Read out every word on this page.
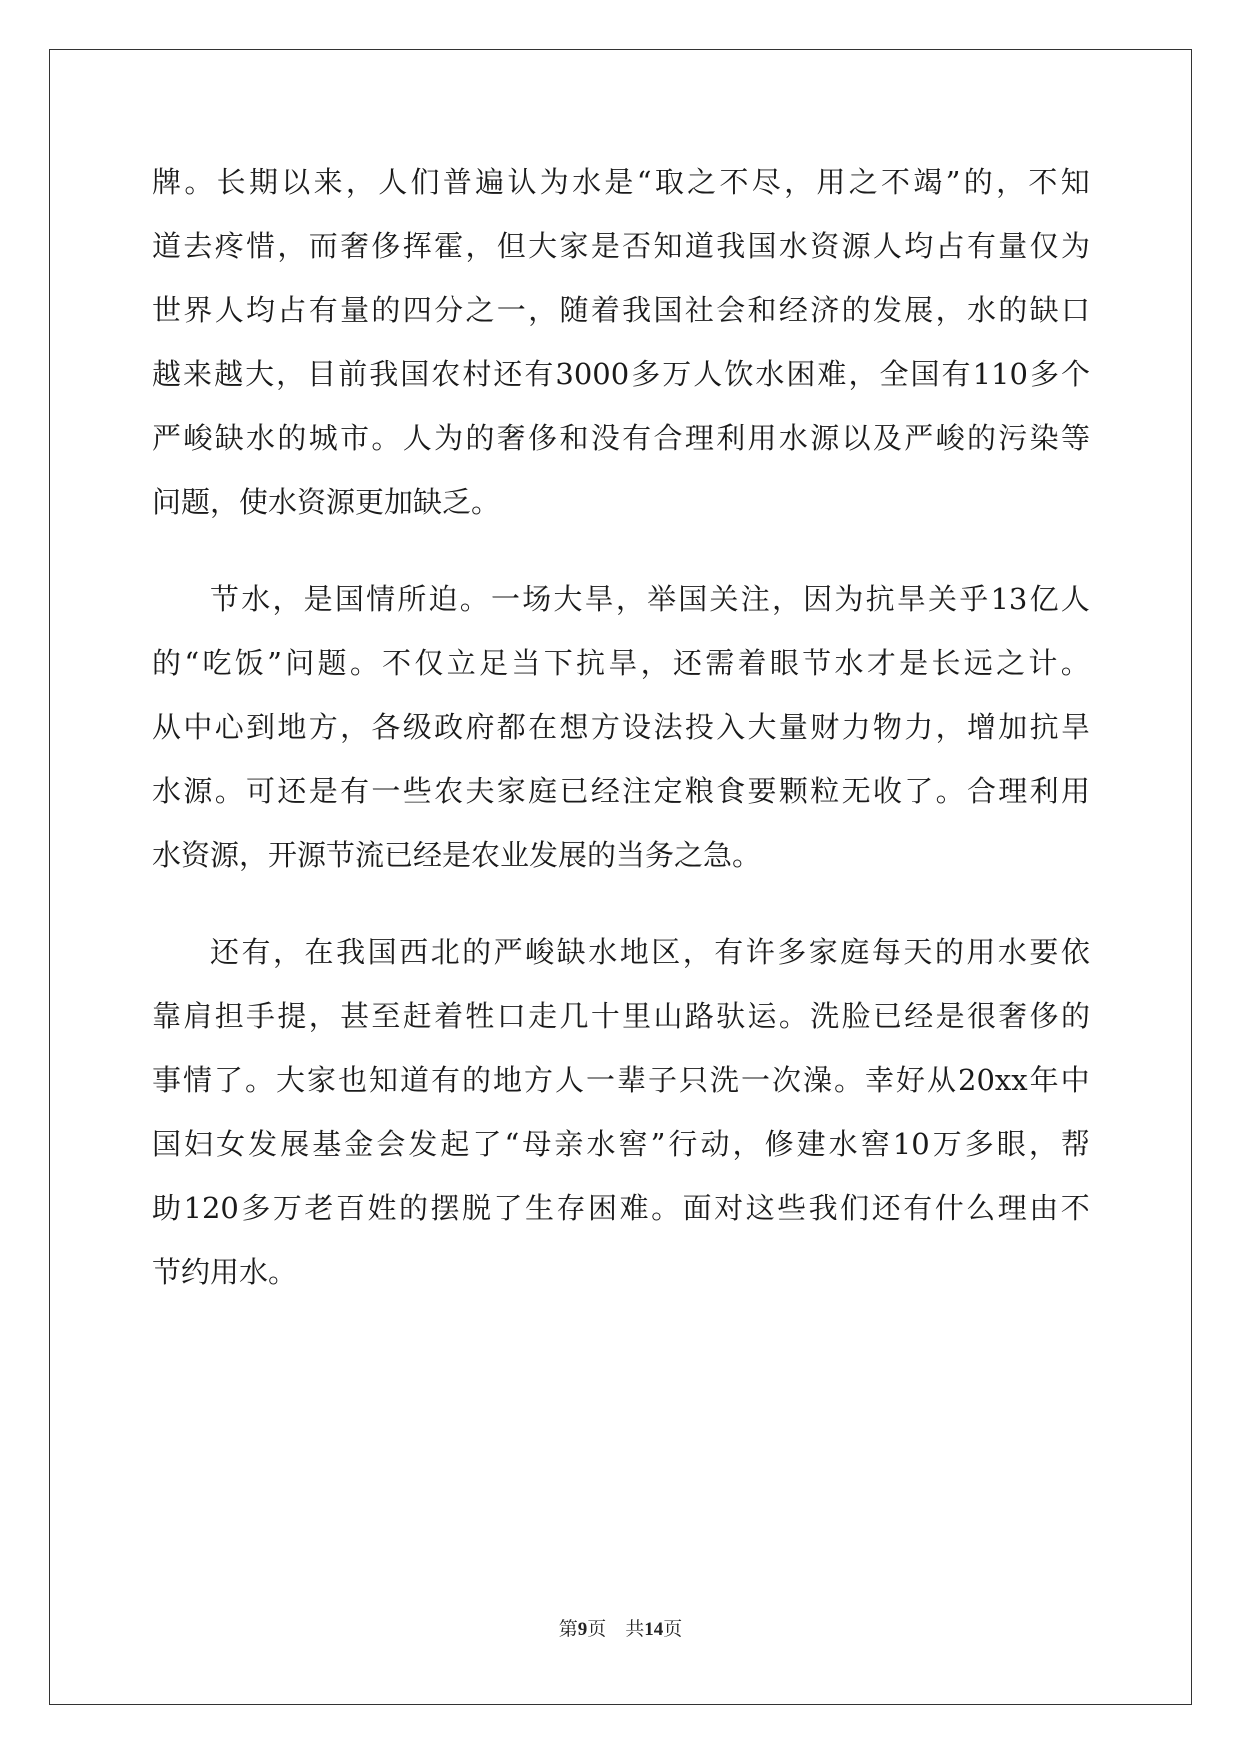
牌 。 长 期 以 来 ， 人 们 普 遍 认 为 水 是 “ 取 之 不 尽 ， 用 之 不 竭 ” 的 ， 不 知
道 去 疼 惜 ， 而 奢 侈 挥 霍 ， 但 大 家 是 否 知 道 我 国 水 资 源 人 均 占 有 量 仅 为
世 界 人 均 占 有 量 的 四 分 之 一 ， 随 着 我 国 社 会 和 经 济 的 发 展 ， 水 的 缺 口
越 来 越 大 ， 目 前 我 国 农 村 还 有 3000 多 万 人 饮 水 困 难 ， 全 国 有 110 多 个
严 峻 缺 水 的 城 市 。 人 为 的 奢 侈 和 没 有 合 理 利 用 水 源 以 及 严 峻 的 污 染 等
问题，使水资源更加缺乏。
节 水 ， 是 国 情 所 迫 。 一 场 大 旱 ， 举 国 关 注 ， 因 为 抗 旱 关 乎 13 亿 人
的 “ 吃 饭 ” 问 题 。 不 仅 立 足 当 下 抗 旱 ， 还 需 着 眼 节 水 才 是 长 远 之 计 。
从 中 心 到 地 方 ， 各 级 政 府 都 在 想 方 设 法 投 入 大 量 财 力 物 力 ， 增 加 抗 旱
水 源 。 可 还 是 有 一 些 农 夫 家 庭 已 经 注 定 粮 食 要 颗 粒 无 收 了 。 合 理 利 用
水资源，开源节流已经是农业发展的当务之急。
还 有 ， 在 我 国 西 北 的 严 峻 缺 水 地 区 ， 有 许 多 家 庭 每 天 的 用 水 要 依
靠 肩 担 手 提 ， 甚 至 赶 着 牲 口 走 几 十 里 山 路 驮 运 。 洗 脸 已 经 是 很 奢 侈 的
事 情 了 。 大 家 也 知 道 有 的 地 方 人 一 辈 子 只 洗 一 次 澡 。 幸 好 从 20xx 年 中
国 妇 女 发 展 基 金 会 发 起 了 “ 母 亲 水 窖 ” 行 动 ， 修 建 水 窖 10 万 多 眼 ， 帮
助 120 多 万 老 百 姓 的 摆 脱 了 生 存 困 难 。 面 对 这 些 我 们 还 有 什 么 理 由 不
节约用水。
第9页　共14页
